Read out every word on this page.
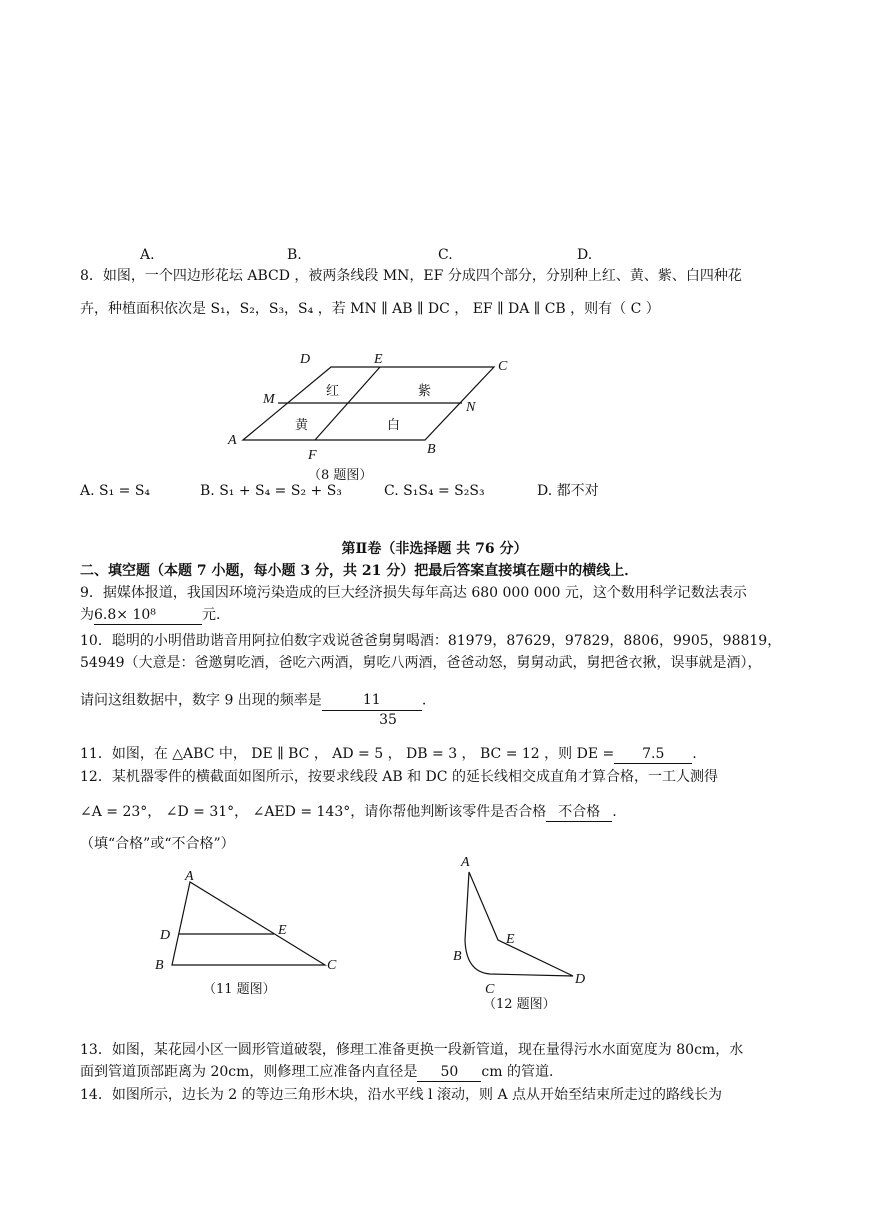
A.	B.	C.	D.
8．如图，一个四边形花坛 ABCD ，被两条线段 MN，EF 分成四个部分，分别种上红、黄、紫、白四种花
卉，种植面积依次是 S₁，S₂，S₃，S₄ ，若 MN ∥ AB ∥ DC ， EF ∥ DA ∥ CB ，则有（ C ）
D	E	C
M
N
A
F	B
红	紫
黄	白
（8 题图）
A. S₁ = S₄	B. S₁ + S₄ = S₂ + S₃	C. S₁S₄ = S₂S₃	D. 都不对
第Ⅱ卷（非选择题 共 76 分）
二、填空题（本题 7 小题，每小题 3 分，共 21 分）把最后答案直接填在题中的横线上．
9．据媒体报道，我国因环境污染造成的巨大经济损失每年高达 680 000 000 元，这个数用科学记数法表示
为6.8× 10⁸	元.
10．聪明的小明借助谐音用阿拉伯数字戏说爸爸舅舅喝酒：81979，87629，97829，8806，9905，98819，
54949（大意是：爸邀舅吃酒，爸吃六两酒，舅吃八两酒，爸爸动怒，舅舅动武，舅把爸衣揪，误事就是酒），
请问这组数据中，数字 9 出现的频率是	11	.
35
11．如图，在 △ABC 中， DE ∥ BC ， AD = 5 ， DB = 3 ， BC = 12 ，则 DE = 7.5 .
12．某机器零件的横截面如图所示，按要求线段 AB 和 DC 的延长线相交成直角才算合格，一工人测得
∠A = 23°， ∠D = 31°， ∠AED = 143°，请你帮他判断该零件是否合格 不合格 .
（填“合格”或“不合格”）
A
D	E
B	C
（11 题图）
A
E
B
C
D
（12 题图）
13．如图，某花园小区一圆形管道破裂，修理工准备更换一段新管道，现在量得污水水面宽度为 80cm，水
面到管道顶部距离为 20cm，则修理工应准备内直径是 50 cm 的管道.
14．如图所示，边长为 2 的等边三角形木块，沿水平线 l 滚动，则 A 点从开始至结束所走过的路线长为
